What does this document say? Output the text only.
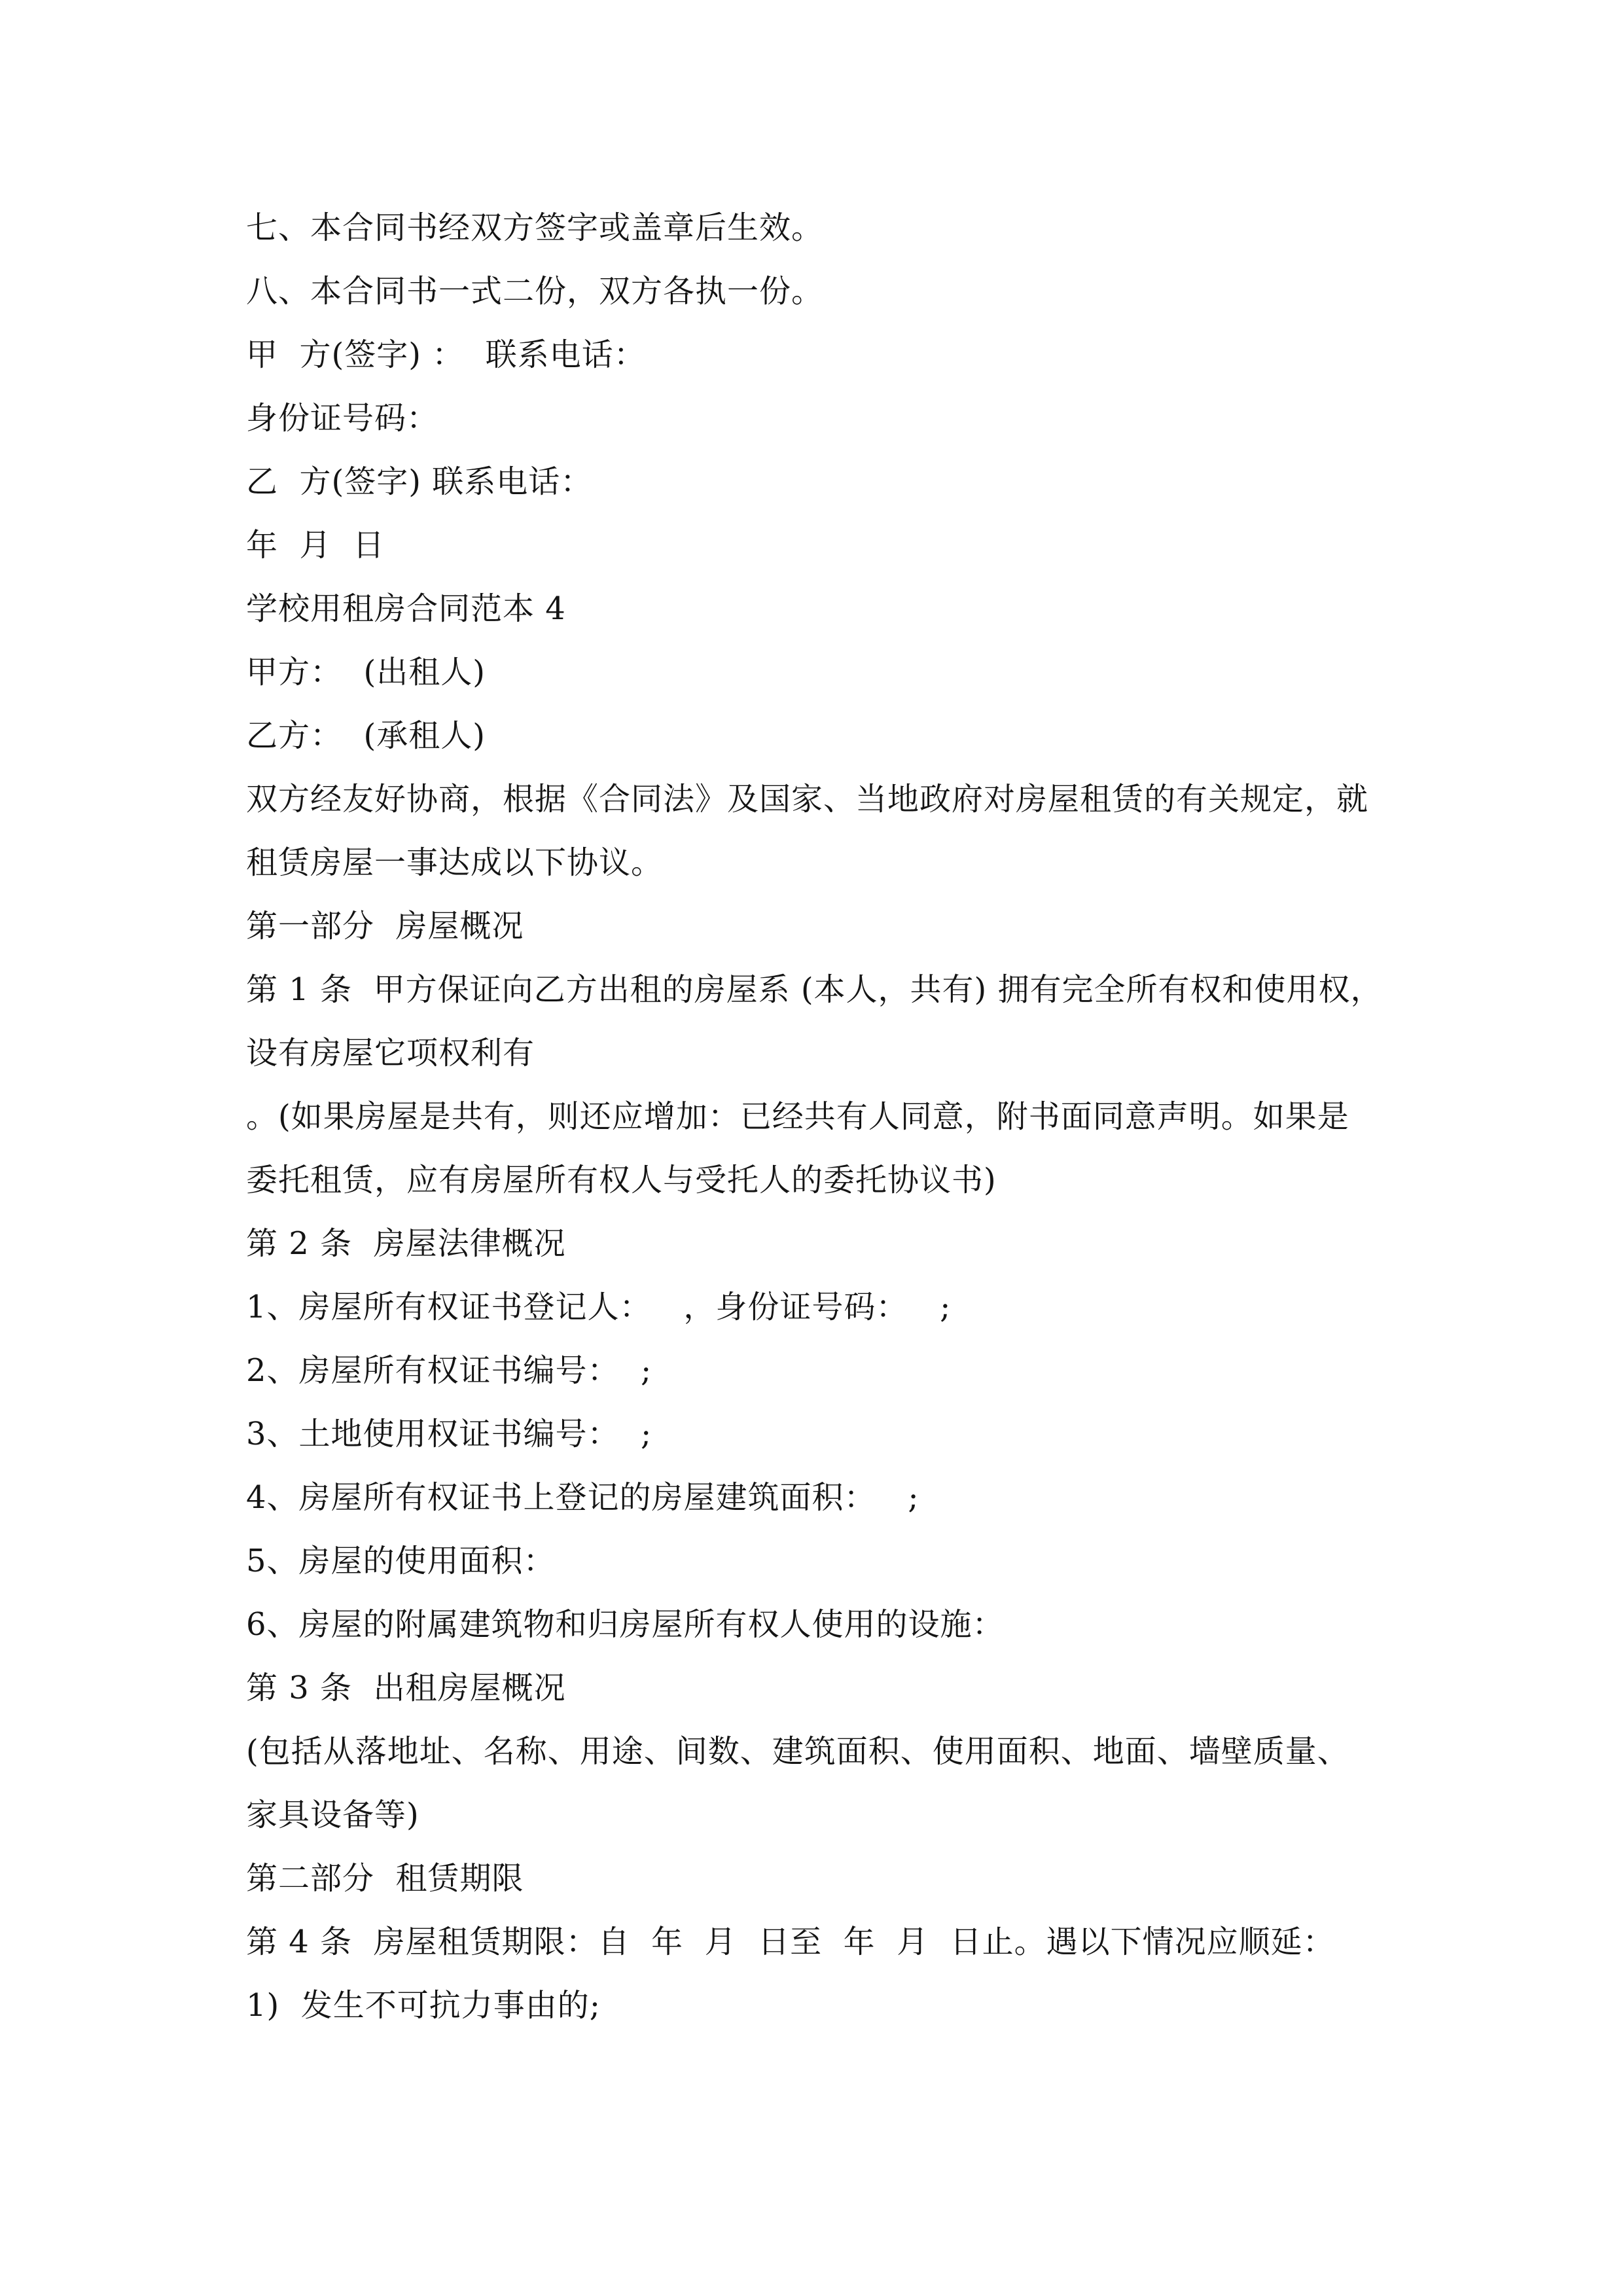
七、本合同书经双方签字或盖章后生效。
八、本合同书一式二份，双方各执一份。
甲  方(签字) ：  联系电话：
身份证号码：
乙  方(签字) 联系电话：
年  月  日
学校用租房合同范本 4
甲方：  (出租人)
乙方：  (承租人)
双方经友好协商，根据《合同法》及国家、当地政府对房屋租赁的有关规定，就
租赁房屋一事达成以下协议。
第一部分  房屋概况
第 1 条  甲方保证向乙方出租的房屋系 (本人，共有) 拥有完全所有权和使用权，
设有房屋它项权利有
。(如果房屋是共有，则还应增加：已经共有人同意，附书面同意声明。如果是
委托租赁，应有房屋所有权人与受托人的委托协议书)
第 2 条  房屋法律概况
1、房屋所有权证书登记人：   ，身份证号码：   ;
2、房屋所有权证书编号：  ;
3、土地使用权证书编号：  ;
4、房屋所有权证书上登记的房屋建筑面积：   ;
5、房屋的使用面积：
6、房屋的附属建筑物和归房屋所有权人使用的设施：
第 3 条  出租房屋概况
(包括从落地址、名称、用途、间数、建筑面积、使用面积、地面、墙壁质量、
家具设备等)
第二部分  租赁期限
第 4 条  房屋租赁期限：自  年  月  日至  年  月  日止。遇以下情况应顺延：
1)  发生不可抗力事由的;
